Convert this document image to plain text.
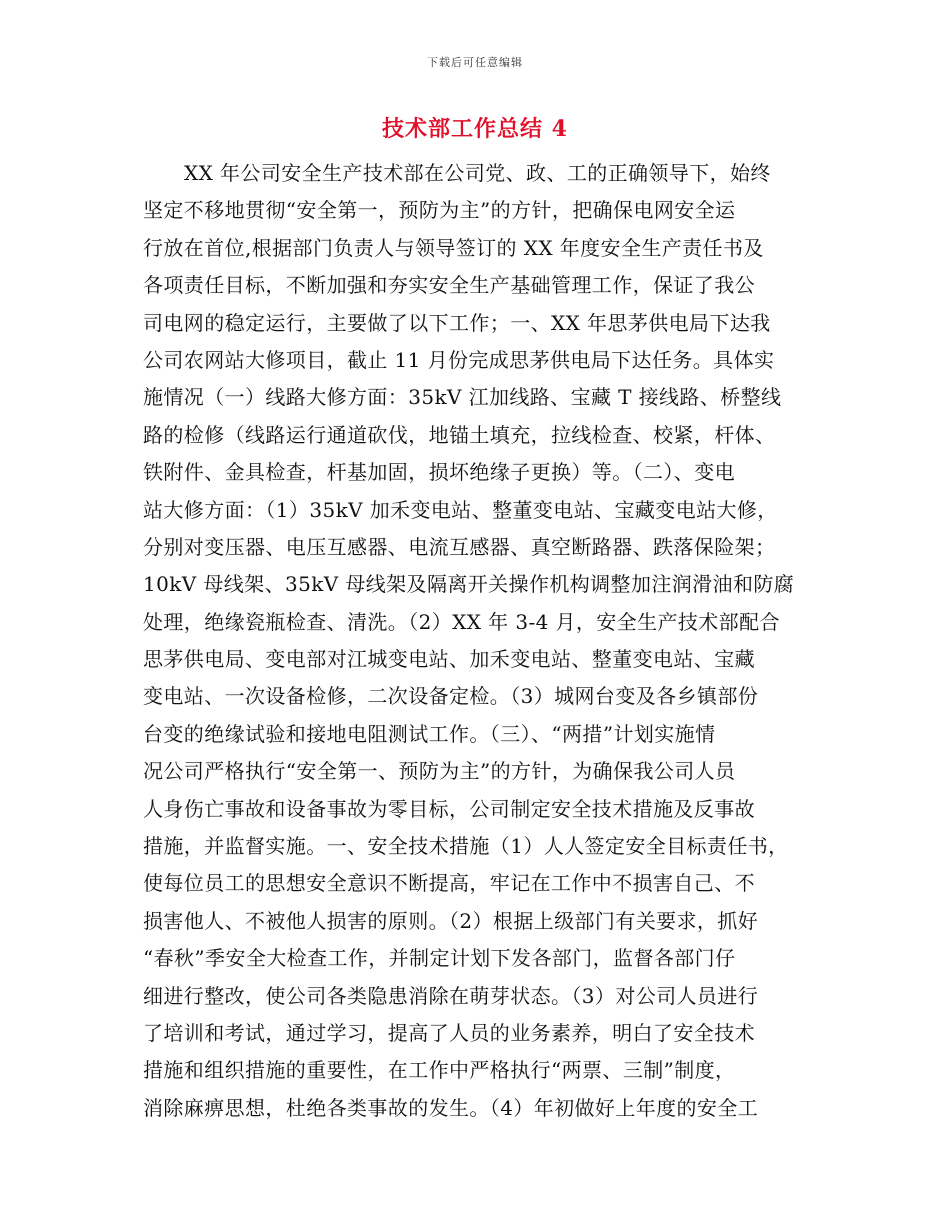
下载后可任意编辑
技术部工作总结 4
XX 年公司安全生产技术部在公司党、政、工的正确领导下，始终
坚定不移地贯彻“安全第一，预防为主”的方针，把确保电网安全运
行放在首位,根据部门负责人与领导签订的 XX 年度安全生产责任书及
各项责任目标，不断加强和夯实安全生产基础管理工作，保证了我公
司电网的稳定运行，主要做了以下工作；一、XX 年思茅供电局下达我
公司农网站大修项目，截止 11 月份完成思茅供电局下达任务。具体实
施情况（一）线路大修方面：35kV 江加线路、宝藏 T 接线路、桥整线
路的检修（线路运行通道砍伐，地锚土填充，拉线检查、校紧，杆体、
铁附件、金具检查，杆基加固，损坏绝缘子更换）等。（二）、变电
站大修方面：（1）35kV 加禾变电站、整董变电站、宝藏变电站大修，
分别对变压器、电压互感器、电流互感器、真空断路器、跌落保险架；
10kV 母线架、35kV 母线架及隔离开关操作机构调整加注润滑油和防腐
处理，绝缘瓷瓶检查、清洗。（2）XX 年 3-4 月，安全生产技术部配合
思茅供电局、变电部对江城变电站、加禾变电站、整董变电站、宝藏
变电站、一次设备检修，二次设备定检。（3）城网台变及各乡镇部份
台变的绝缘试验和接地电阻测试工作。（三）、“两措”计划实施情
况公司严格执行“安全第一、预防为主”的方针，为确保我公司人员
人身伤亡事故和设备事故为零目标，公司制定安全技术措施及反事故
措施，并监督实施。一、安全技术措施（1）人人签定安全目标责任书，
使每位员工的思想安全意识不断提高，牢记在工作中不损害自己、不
损害他人、不被他人损害的原则。（2）根据上级部门有关要求，抓好
“春秋”季安全大检查工作，并制定计划下发各部门，监督各部门仔
细进行整改，使公司各类隐患消除在萌芽状态。（3）对公司人员进行
了培训和考试，通过学习，提高了人员的业务素养，明白了安全技术
措施和组织措施的重要性，在工作中严格执行“两票、三制”制度，
消除麻痹思想，杜绝各类事故的发生。（4）年初做好上年度的安全工
